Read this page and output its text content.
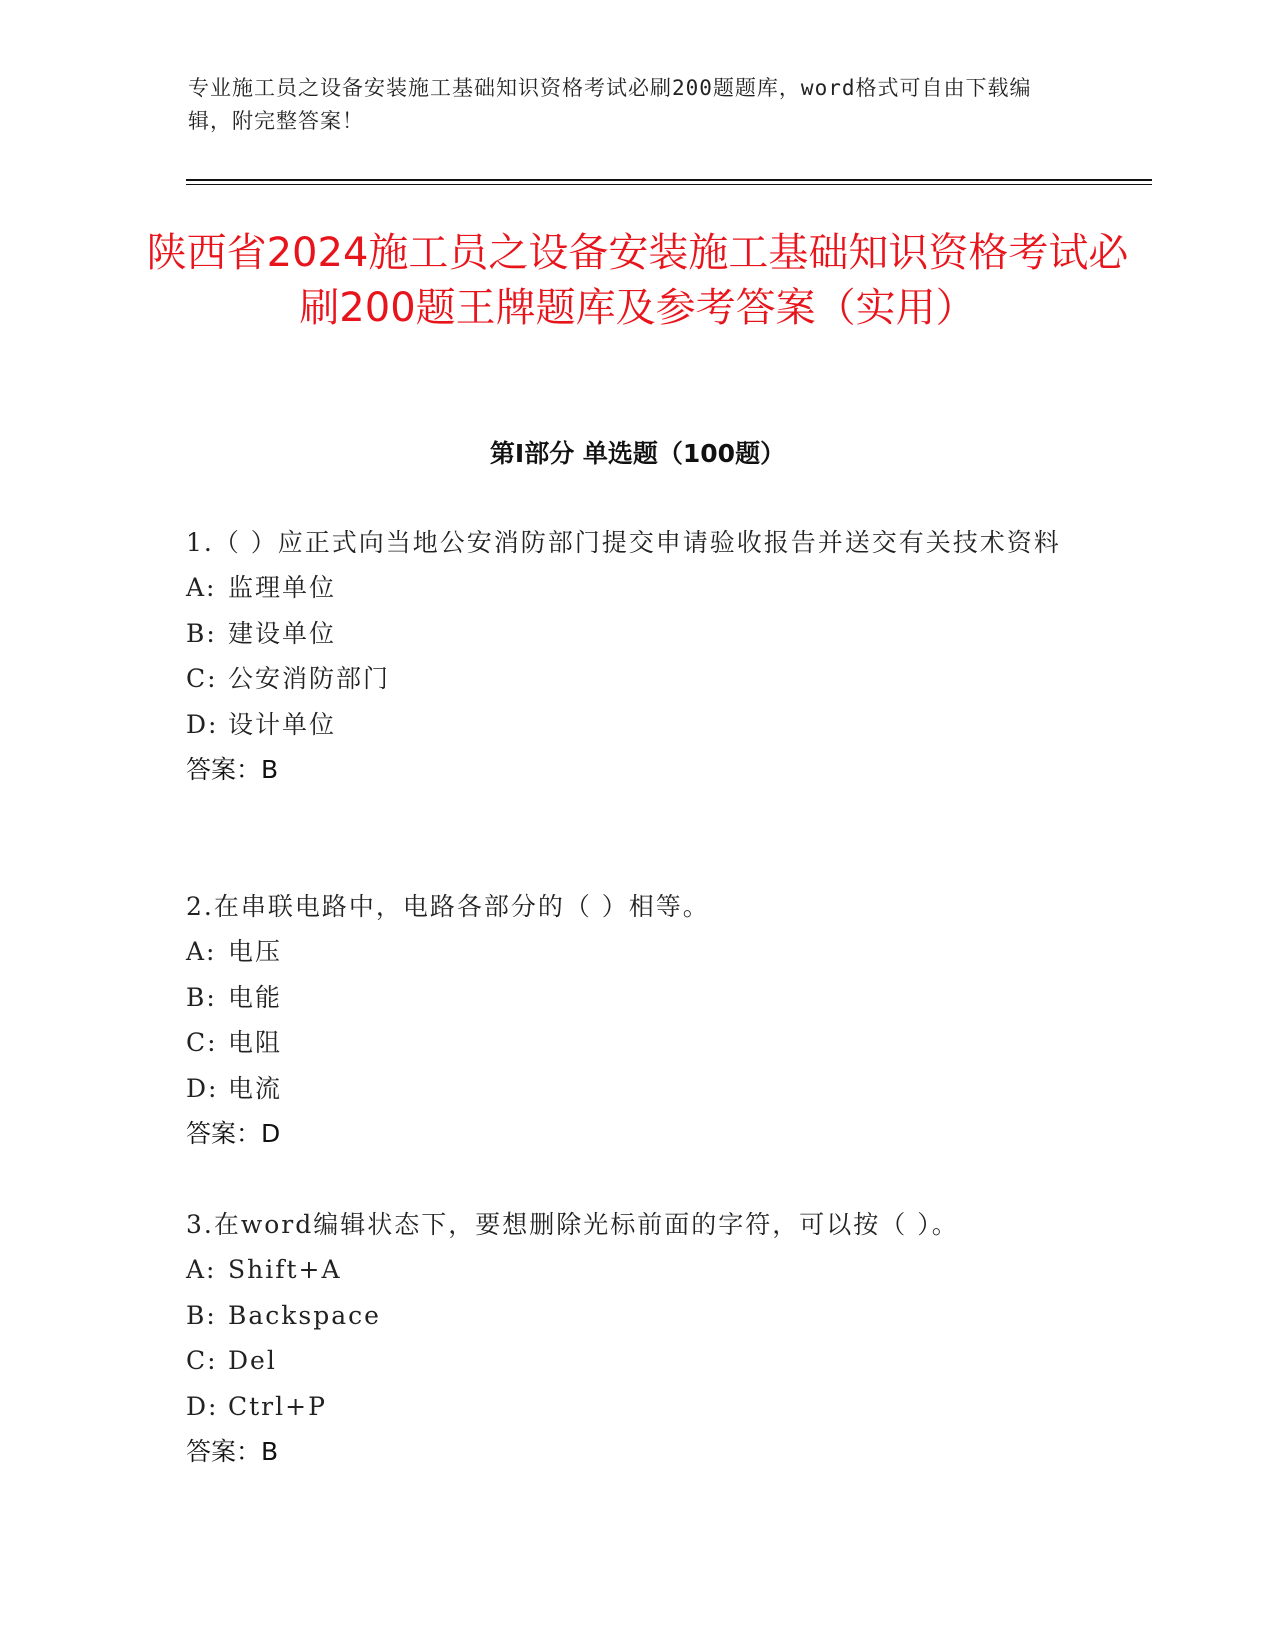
专业施工员之设备安装施工基础知识资格考试必刷200题题库，word格式可自由下载编辑，附完整答案！
陕西省2024施工员之设备安装施工基础知识资格考试必刷200题王牌题库及参考答案（实用）
第Ⅰ部分 单选题（100题）

1.（ ）应正式向当地公安消防部门提交申请验收报告并送交有关技术资料

A: 监理单位
B: 建设单位
C: 公安消防部门
D: 设计单位

答案：B

2.在串联电路中，电路各部分的（ ）相等。

A: 电压
B: 电能
C: 电阻
D: 电流

答案：D

3.在word编辑状态下，要想删除光标前面的字符，可以按（ ）。

A: Shift+A
B: Backspace
C: Del
D: Ctrl+P

答案：B
